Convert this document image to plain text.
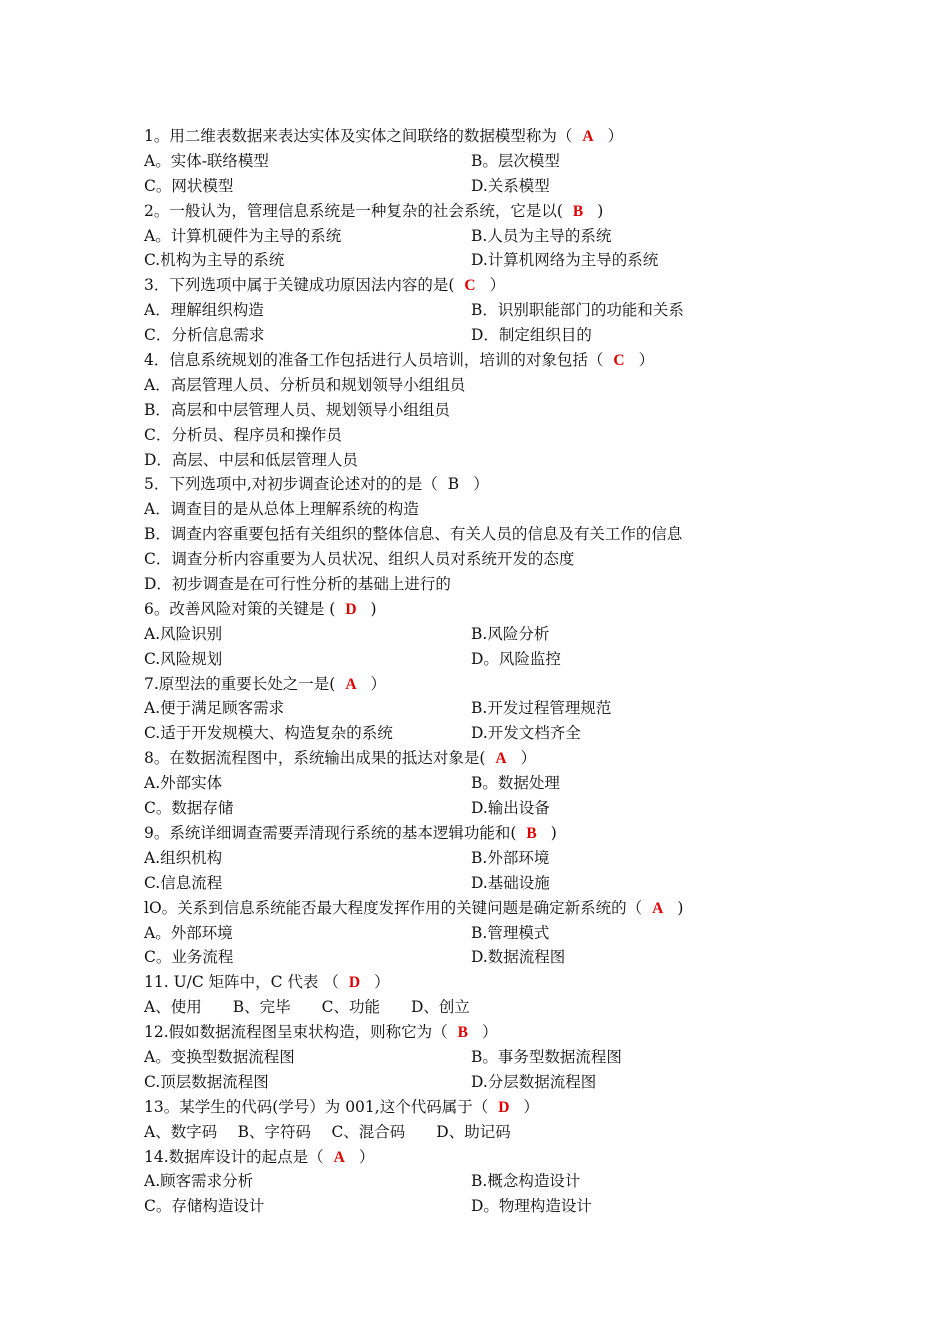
1。用二维表数据来表达实体及实体之间联络的数据模型称为（ A ）
A。实体-联络模型	B。层次模型
C。网状模型	D.关系模型
2。一般认为，管理信息系统是一种复杂的社会系统，它是以( B )
A。计算机硬件为主导的系统	B.人员为主导的系统
C.机构为主导的系统	D.计算机网络为主导的系统
3．下列选项中属于关键成功原因法内容的是( C ）
A．理解组织构造	B．识别职能部门的功能和关系
C．分析信息需求	D．制定组织目的
4．信息系统规划的准备工作包括进行人员培训，培训的对象包括（ C ）
A．高层管理人员、分析员和规划领导小组组员
B．高层和中层管理人员、规划领导小组组员
C．分析员、程序员和操作员
D．高层、中层和低层管理人员
5．下列选项中,对初步调查论述对的的是（ B ）
A．调查目的是从总体上理解系统的构造
B．调查内容重要包括有关组织的整体信息、有关人员的信息及有关工作的信息
C．调查分析内容重要为人员状况、组织人员对系统开发的态度
D．初步调查是在可行性分析的基础上进行的
6。改善风险对策的关键是 ( D )
A.风险识别	B.风险分析
C.风险规划	D。风险监控
7.原型法的重要长处之一是( A ）
A.便于满足顾客需求	B.开发过程管理规范
C.适于开发规模大、构造复杂的系统	D.开发文档齐全
8。在数据流程图中，系统输出成果的抵达对象是( A ）
A.外部实体	B。数据处理
C。数据存储	D.输出设备
9。系统详细调查需要弄清现行系统的基本逻辑功能和( B )
A.组织机构	B.外部环境
C.信息流程	D.基础设施
lO。关系到信息系统能否最大程度发挥作用的关键问题是确定新系统的（ A )
A。外部环境	B.管理模式
C。业务流程	D.数据流程图
11. U/C 矩阵中，C 代表 （ D ）
A、使用　　B、完毕　　C、功能　　D、创立
12.假如数据流程图呈束状构造，则称它为（ B ）
A。变换型数据流程图	B。事务型数据流程图
C.顶层数据流程图	D.分层数据流程图
13。某学生的代码(学号）为 001,这个代码属于（ D ）
A、数字码　 B、字符码　 C、混合码　　D、助记码
14.数据库设计的起点是（ A ）
A.顾客需求分析	B.概念构造设计
C。存储构造设计	D。物理构造设计
